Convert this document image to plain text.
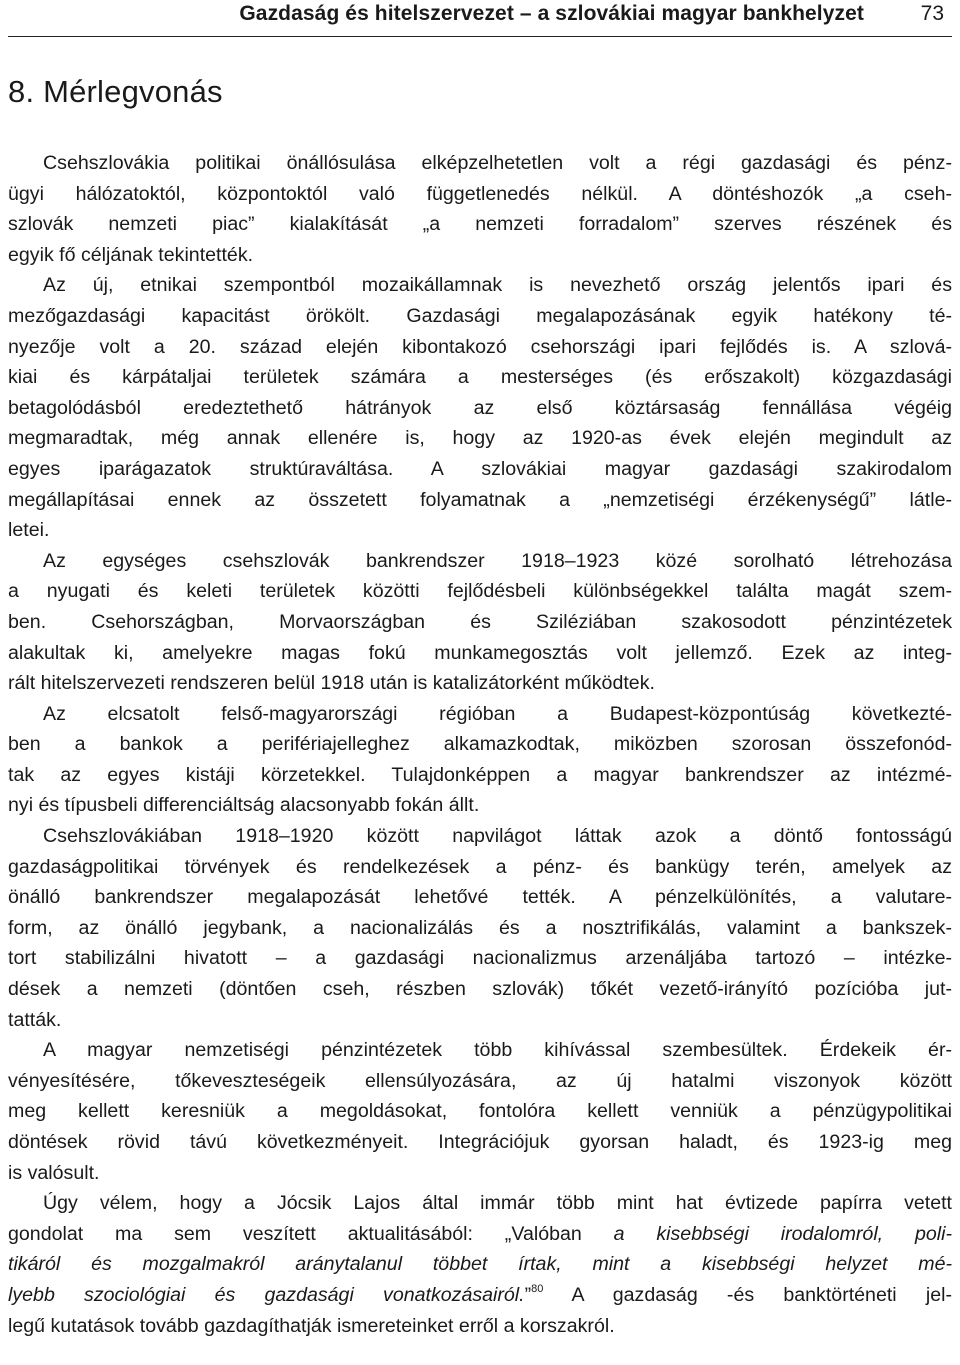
Gazdaság és hitelszervezet – a szlovákiai magyar bankhelyzet	73
8. Mérlegvonás
Csehszlovákia politikai önállósulása elképzelhetetlen volt a régi gazdasági és pénz-
ügyi hálózatoktól, központoktól való függetlenedés nélkül. A döntéshozók „a cseh-
szlovák nemzeti piac” kialakítását „a nemzeti forradalom” szerves részének és
egyik fő céljának tekintették.
Az új, etnikai szempontból mozaikállamnak is nevezhető ország jelentős ipari és
mezőgazdasági kapacitást örökölt. Gazdasági megalapozásának egyik hatékony té-
nyezője volt a 20. század elején kibontakozó csehországi ipari fejlődés is. A szlová-
kiai és kárpátaljai területek számára a mesterséges (és erőszakolt) közgazdasági
betagolódásból eredeztethető hátrányok az első köztársaság fennállása végéig
megmaradtak, még annak ellenére is, hogy az 1920-as évek elején megindult az
egyes iparágazatok struktúraváltása. A szlovákiai magyar gazdasági szakirodalom
megállapításai ennek az összetett folyamatnak a „nemzetiségi érzékenységű” látle-
letei.
Az egységes csehszlovák bankrendszer 1918–1923 közé sorolható létrehozása
a nyugati és keleti területek közötti fejlődésbeli különbségekkel találta magát szem-
ben. Csehországban, Morvaországban és Sziléziában szakosodott pénzintézetek
alakultak ki, amelyekre magas fokú munkamegosztás volt jellemző. Ezek az integ-
rált hitelszervezeti rendszeren belül 1918 után is katalizátorként működtek.
Az elcsatolt felső-magyarországi régióban a Budapest-központúság következté-
ben a bankok a perifériajelleghez alkamazkodtak, miközben szorosan összefonód-
tak az egyes kistáji körzetekkel. Tulajdonképpen a magyar bankrendszer az intézmé-
nyi és típusbeli differenciáltság alacsonyabb fokán állt.
Csehszlovákiában 1918–1920 között napvilágot láttak azok a döntő fontosságú
gazdaságpolitikai törvények és rendelkezések a pénz- és bankügy terén, amelyek az
önálló bankrendszer megalapozását lehetővé tették. A pénzelkülönítés, a valutare-
form, az önálló jegybank, a nacionalizálás és a nosztrifikálás, valamint a bankszek-
tort stabilizálni hivatott – a gazdasági nacionalizmus arzenáljába tartozó – intézke-
dések a nemzeti (döntően cseh, részben szlovák) tőkét vezető-irányító pozícióba jut-
tatták.
A magyar nemzetiségi pénzintézetek több kihívással szembesültek. Érdekeik ér-
vényesítésére, tőkeveszteségeik ellensúlyozására, az új hatalmi viszonyok között
meg kellett keresniük a megoldásokat, fontolóra kellett venniük a pénzügypolitikai
döntések rövid távú következményeit. Integrációjuk gyorsan haladt, és 1923-ig meg
is valósult.
Úgy vélem, hogy a Jócsik Lajos által immár több mint hat évtizede papírra vetett
gondolat ma sem veszített aktualitásából: „Valóban a kisebbségi irodalomról, poli-
tikáról és mozgalmakról aránytalanul többet írtak, mint a kisebbségi helyzet mé-
lyebb szociológiai és gazdasági vonatkozásairól.”$^{80}$ A gazdaság -és banktörténeti jel-
legű kutatások tovább gazdagíthatják ismereteinket erről a korszakról.
